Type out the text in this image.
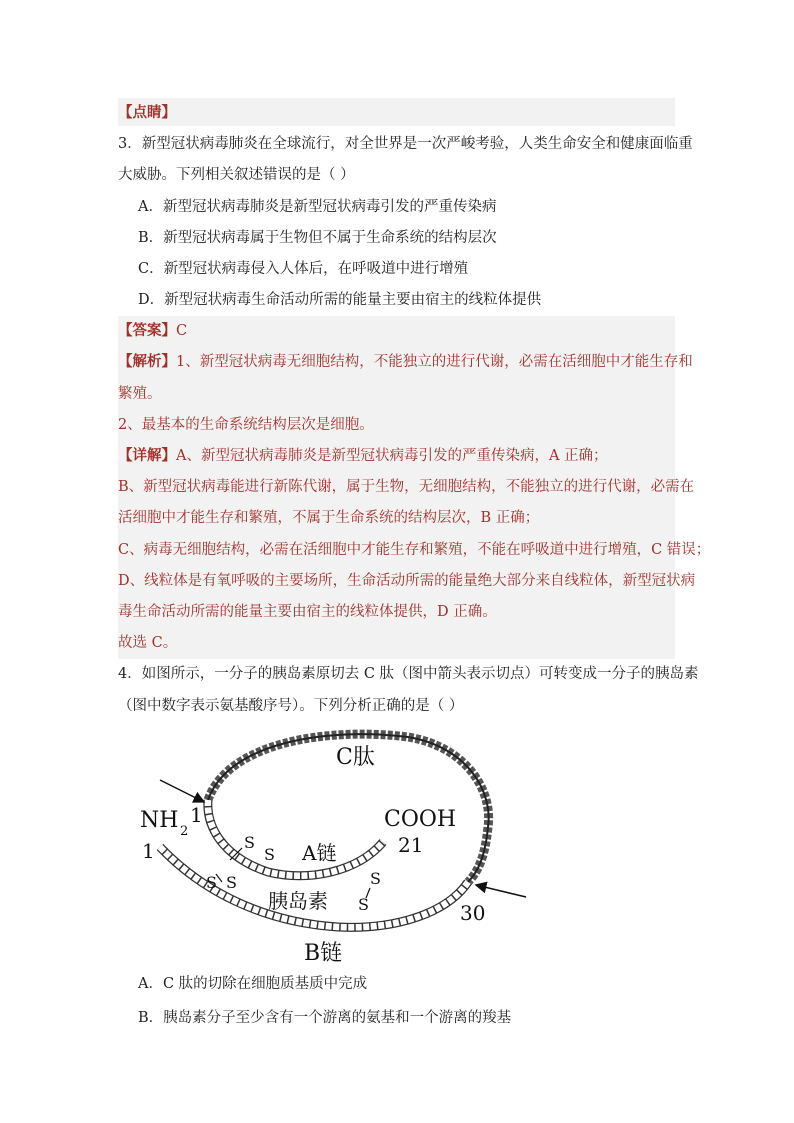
【点睛】
3．新型冠状病毒肺炎在全球流行，对全世界是一次严峻考验，人类生命安全和健康面临重
大威胁。下列相关叙述错误的是（ ）
A．新型冠状病毒肺炎是新型冠状病毒引发的严重传染病
B．新型冠状病毒属于生物但不属于生命系统的结构层次
C．新型冠状病毒侵入人体后，在呼吸道中进行增殖
D．新型冠状病毒生命活动所需的能量主要由宿主的线粒体提供
【答案】C
【解析】1、新型冠状病毒无细胞结构，不能独立的进行代谢，必需在活细胞中才能生存和
繁殖。
2、最基本的生命系统结构层次是细胞。
【详解】A、新型冠状病毒肺炎是新型冠状病毒引发的严重传染病，A 正确；
B、新型冠状病毒能进行新陈代谢，属于生物，无细胞结构，不能独立的进行代谢，必需在
活细胞中才能生存和繁殖，不属于生命系统的结构层次，B 正确；
C、病毒无细胞结构，必需在活细胞中才能生存和繁殖，不能在呼吸道中进行增殖，C 错误；
D、线粒体是有氧呼吸的主要场所，生命活动所需的能量绝大部分来自线粒体，新型冠状病
毒生命活动所需的能量主要由宿主的线粒体提供，D 正确。
故选 C。
4．如图所示，一分子的胰岛素原切去 C 肽（图中箭头表示切点）可转变成一分子的胰岛素
（图中数字表示氨基酸序号）。下列分析正确的是（ ）
C肽
NH 2
1
1
COOH
21
A链
胰岛素	30
B链
S
S
S S	S
S
A．C 肽的切除在细胞质基质中完成
B．胰岛素分子至少含有一个游离的氨基和一个游离的羧基
